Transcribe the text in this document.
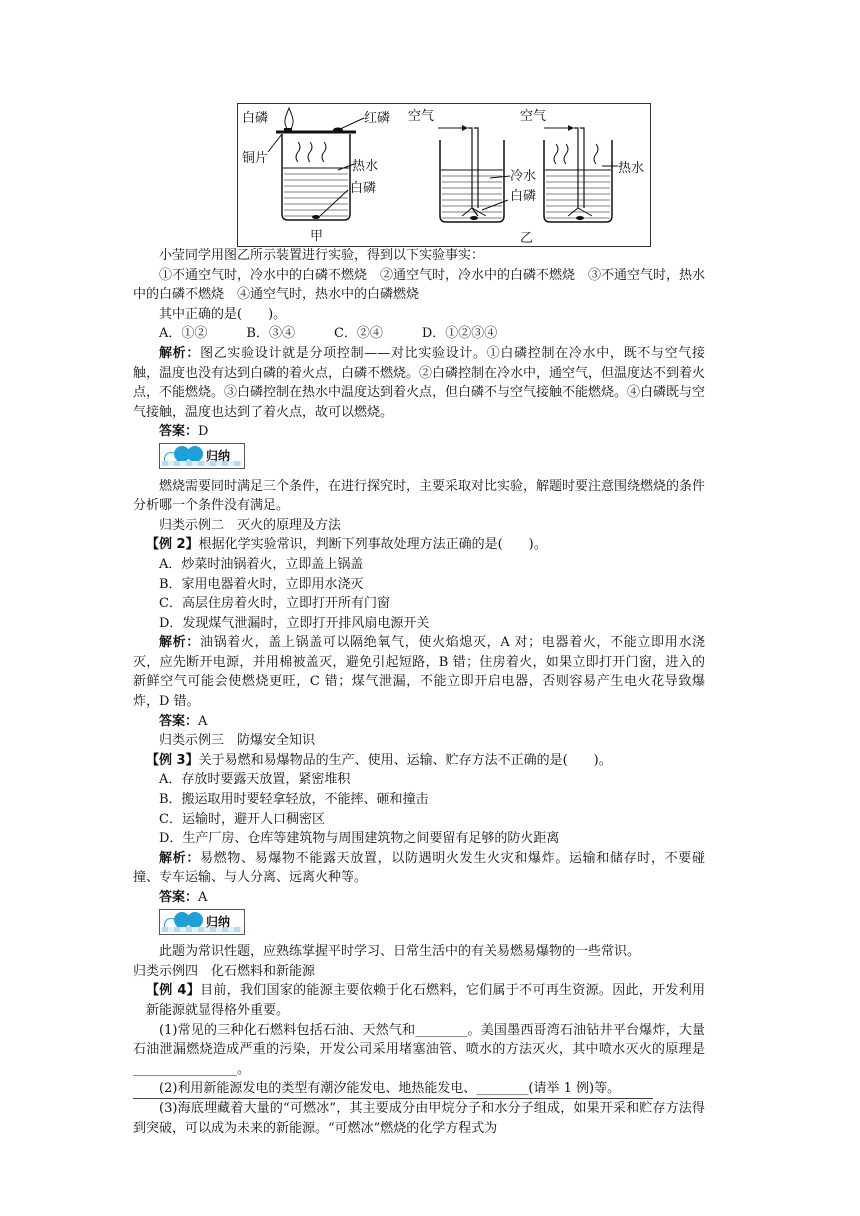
白磷	红磷
铜片
热水
白磷
甲
空气	空气
冷水
白磷
热水
乙

小莹同学用图乙所示装置进行实验，得到以下实验事实：

①不通空气时，冷水中的白磷不燃烧　②通空气时，冷水中的白磷不燃烧　③不通空气时，热水中的白磷不燃烧　④通空气时，热水中的白磷燃烧

其中正确的是(　　)。

A．①②　　　B．③④　　　C．②④　　　D．①②③④

解析：图乙实验设计就是分项控制——对比实验设计。①白磷控制在冷水中，既不与空气接触，温度也没有达到白磷的着火点，白磷不燃烧。②白磷控制在冷水中，通空气，但温度达不到着火点，不能燃烧。③白磷控制在热水中温度达到着火点，但白磷不与空气接触不能燃烧。④白磷既与空气接触，温度也达到了着火点，故可以燃烧。

答案：D

归纳

燃烧需要同时满足三个条件，在进行探究时，主要采取对比实验，解题时要注意围绕燃烧的条件分析哪一个条件没有满足。

归类示例二　灭火的原理及方法

【例 2】根据化学实验常识，判断下列事故处理方法正确的是(　　)。

A．炒菜时油锅着火，立即盖上锅盖

B．家用电器着火时，立即用水浇灭

C．高层住房着火时，立即打开所有门窗

D．发现煤气泄漏时，立即打开排风扇电源开关

解析：油锅着火，盖上锅盖可以隔绝氧气，使火焰熄灭，A 对；电器着火，不能立即用水浇灭，应先断开电源，并用棉被盖灭，避免引起短路，B 错；住房着火，如果立即打开门窗，进入的新鲜空气可能会使燃烧更旺，C 错；煤气泄漏，不能立即开启电器，否则容易产生电火花导致爆炸，D 错。

答案：A

归类示例三　防爆安全知识

【例 3】关于易燃和易爆物品的生产、使用、运输、贮存方法不正确的是(　　)。

A．存放时要露天放置，紧密堆积

B．搬运取用时要轻拿轻放，不能摔、砸和撞击

C．运输时，避开人口稠密区

D．生产厂房、仓库等建筑物与周围建筑物之间要留有足够的防火距离

解析：易燃物、易爆物不能露天放置，以防遇明火发生火灾和爆炸。运输和储存时，不要碰撞、专车运输、与人分离、远离火种等。

答案：A

归纳

此题为常识性题，应熟练掌握平时学习、日常生活中的有关易燃易爆物的一些常识。

归类示例四　化石燃料和新能源

【例 4】目前，我们国家的能源主要依赖于化石燃料，它们属于不可再生资源。因此，开发利用新能源就显得格外重要。

(1)常见的三种化石燃料包括石油、天然气和________。美国墨西哥湾石油钻井平台爆炸，大量石油泄漏燃烧造成严重的污染，开发公司采用堵塞油管、喷水的方法灭火，其中喷水灭火的原理是________________。

(2)利用新能源发电的类型有潮汐能发电、地热能发电、________(请举 1 例)等。

(3)海底埋藏着大量的“可燃冰”，其主要成分由甲烷分子和水分子组成，如果开采和贮存方法得到突破，可以成为未来的新能源。“可燃冰”燃烧的化学方程式为
